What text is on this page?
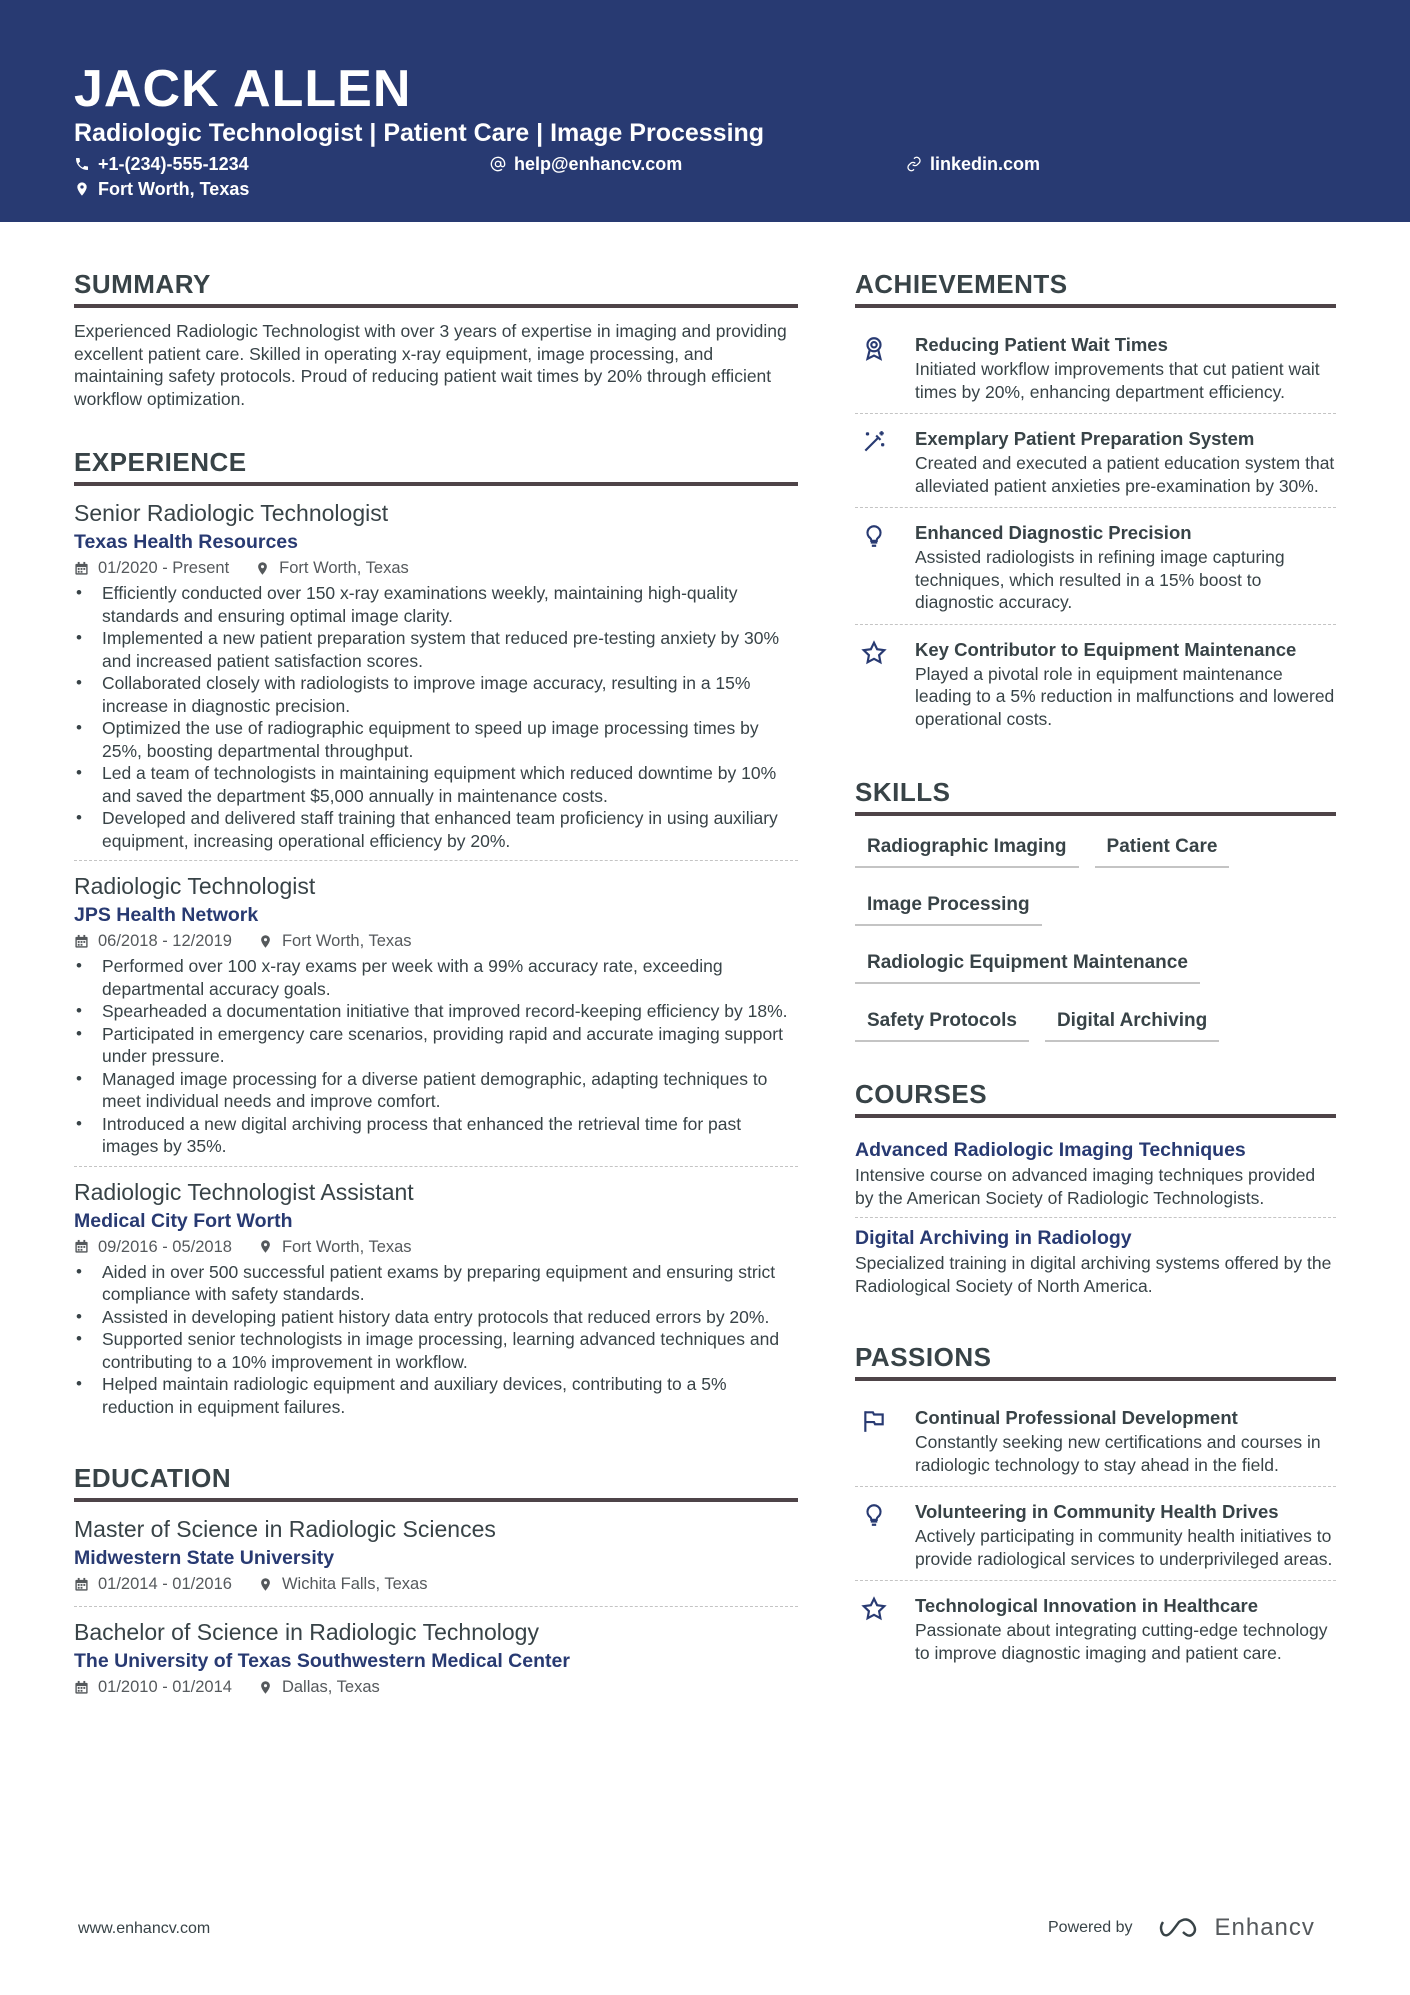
JACK ALLEN
Radiologic Technologist | Patient Care | Image Processing
+1-(234)-555-1234	help@enhancv.com	linkedin.com
Fort Worth, Texas
SUMMARY

Experienced Radiologic Technologist with over 3 years of expertise in imaging and providing excellent patient care. Skilled in operating x-ray equipment, image processing, and maintaining safety protocols. Proud of reducing patient wait times by 20% through efficient workflow optimization.

EXPERIENCE
Senior Radiologic Technologist
Texas Health Resources
01/2020 - Present	Fort Worth, Texas
• Efficiently conducted over 150 x-ray examinations weekly, maintaining high-quality standards and ensuring optimal image clarity.
• Implemented a new patient preparation system that reduced pre-testing anxiety by 30% and increased patient satisfaction scores.
• Collaborated closely with radiologists to improve image accuracy, resulting in a 15% increase in diagnostic precision.
• Optimized the use of radiographic equipment to speed up image processing times by 25%, boosting departmental throughput.
• Led a team of technologists in maintaining equipment which reduced downtime by 10% and saved the department $5,000 annually in maintenance costs.
• Developed and delivered staff training that enhanced team proficiency in using auxiliary equipment, increasing operational efficiency by 20%.
Radiologic Technologist
JPS Health Network
06/2018 - 12/2019	Fort Worth, Texas
• Performed over 100 x-ray exams per week with a 99% accuracy rate, exceeding departmental accuracy goals.
• Spearheaded a documentation initiative that improved record-keeping efficiency by 18%.
• Participated in emergency care scenarios, providing rapid and accurate imaging support under pressure.
• Managed image processing for a diverse patient demographic, adapting techniques to meet individual needs and improve comfort.
• Introduced a new digital archiving process that enhanced the retrieval time for past images by 35%.
Radiologic Technologist Assistant
Medical City Fort Worth
09/2016 - 05/2018	Fort Worth, Texas
• Aided in over 500 successful patient exams by preparing equipment and ensuring strict compliance with safety standards.
• Assisted in developing patient history data entry protocols that reduced errors by 20%.
• Supported senior technologists in image processing, learning advanced techniques and contributing to a 10% improvement in workflow.
• Helped maintain radiologic equipment and auxiliary devices, contributing to a 5% reduction in equipment failures.
EDUCATION
Master of Science in Radiologic Sciences
Midwestern State University
01/2014 - 01/2016	Wichita Falls, Texas
Bachelor of Science in Radiologic Technology
The University of Texas Southwestern Medical Center
01/2010 - 01/2014	Dallas, Texas
ACHIEVEMENTS
Reducing Patient Wait Times
Initiated workflow improvements that cut patient wait times by 20%, enhancing department efficiency.
Exemplary Patient Preparation System
Created and executed a patient education system that alleviated patient anxieties pre-examination by 30%.
Enhanced Diagnostic Precision
Assisted radiologists in refining image capturing techniques, which resulted in a 15% boost to diagnostic accuracy.
Key Contributor to Equipment Maintenance
Played a pivotal role in equipment maintenance leading to a 5% reduction in malfunctions and lowered operational costs.
SKILLS
Radiographic Imaging	Patient Care
Image Processing
Radiologic Equipment Maintenance
Safety Protocols	Digital Archiving
COURSES
Advanced Radiologic Imaging Techniques
Intensive course on advanced imaging techniques provided by the American Society of Radiologic Technologists.
Digital Archiving in Radiology
Specialized training in digital archiving systems offered by the Radiological Society of North America.
PASSIONS
Continual Professional Development
Constantly seeking new certifications and courses in radiologic technology to stay ahead in the field.
Volunteering in Community Health Drives
Actively participating in community health initiatives to provide radiological services to underprivileged areas.
Technological Innovation in Healthcare
Passionate about integrating cutting-edge technology to improve diagnostic imaging and patient care.
www.enhancv.com	Powered by	Enhancv
